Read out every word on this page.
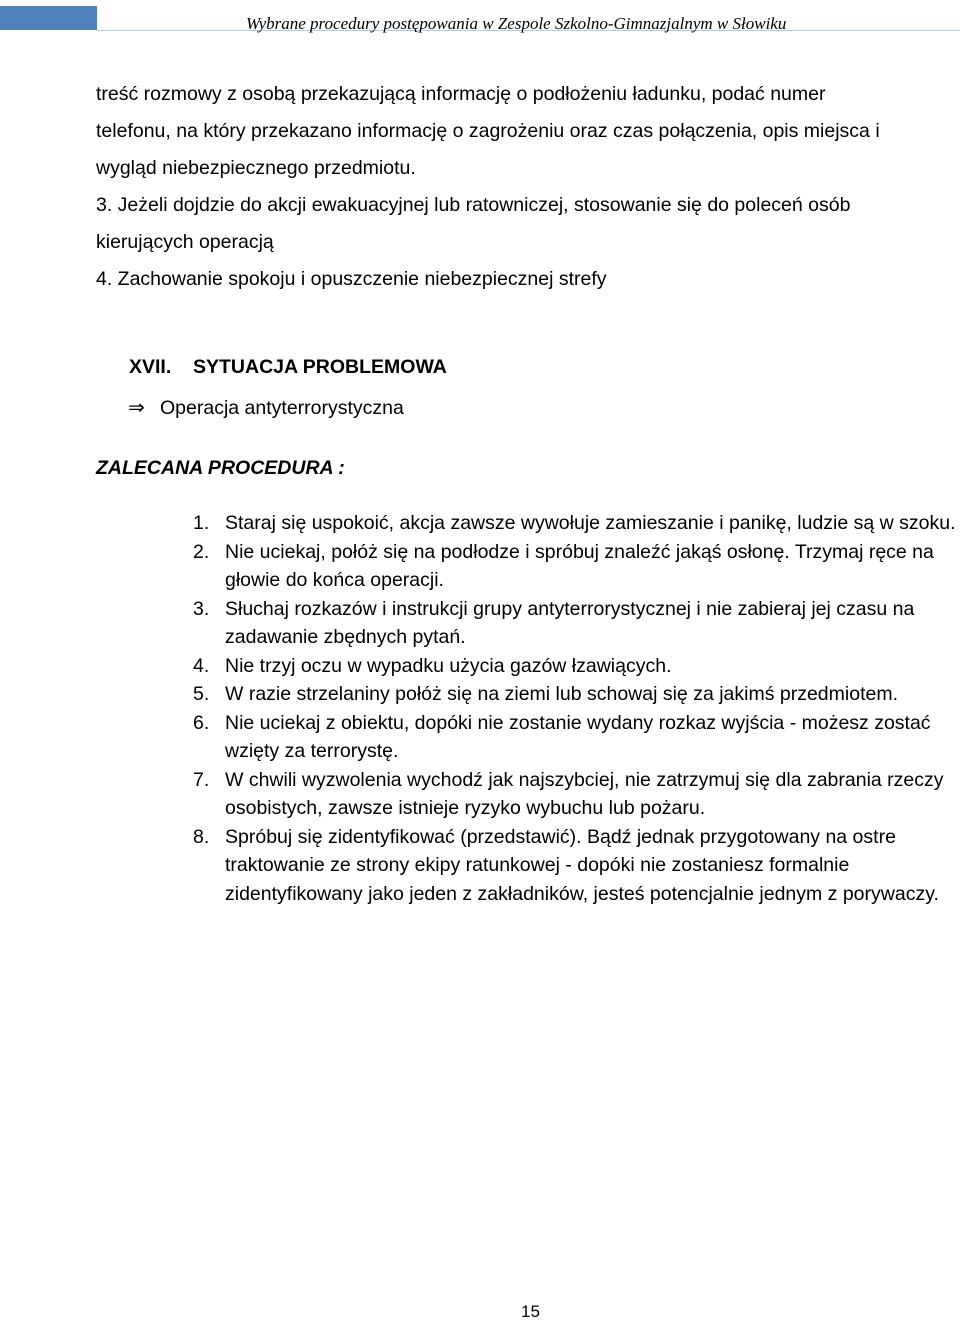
Wybrane procedury postępowania w Zespole Szkolno-Gimnazjalnym w Słowiku
treść rozmowy z osobą przekazującą informację o podłożeniu ładunku, podać numer
telefonu, na który przekazano informację o zagrożeniu oraz czas połączenia, opis miejsca i
wygląd niebezpiecznego przedmiotu.
3. Jeżeli dojdzie do akcji ewakuacyjnej lub ratowniczej, stosowanie się do poleceń osób
kierujących operacją
4. Zachowanie spokoju i opuszczenie niebezpiecznej strefy
XVII. SYTUACJA PROBLEMOWA
⇒ Operacja antyterrorystyczna
ZALECANA PROCEDURA :
1. Staraj się uspokoić, akcja zawsze wywołuje zamieszanie i panikę, ludzie są w szoku.
2. Nie uciekaj, połóż się na podłodze i spróbuj znaleźć jakąś osłonę. Trzymaj ręce na głowie do końca operacji.
3. Słuchaj rozkazów i instrukcji grupy antyterrorystycznej i nie zabieraj jej czasu na zadawanie zbędnych pytań.
4. Nie trzyj oczu w wypadku użycia gazów łzawiących.
5. W razie strzelaniny połóż się na ziemi lub schowaj się za jakimś przedmiotem.
6. Nie uciekaj z obiektu, dopóki nie zostanie wydany rozkaz wyjścia - możesz zostać wzięty za terrorystę.
7. W chwili wyzwolenia wychodź jak najszybciej, nie zatrzymuj się dla zabrania rzeczy osobistych, zawsze istnieje ryzyko wybuchu lub pożaru.
8. Spróbuj się zidentyfikować (przedstawić). Bądź jednak przygotowany na ostre traktowanie ze strony ekipy ratunkowej - dopóki nie zostaniesz formalnie zidentyfikowany jako jeden z zakładników, jesteś potencjalnie jednym z porywaczy.
15
